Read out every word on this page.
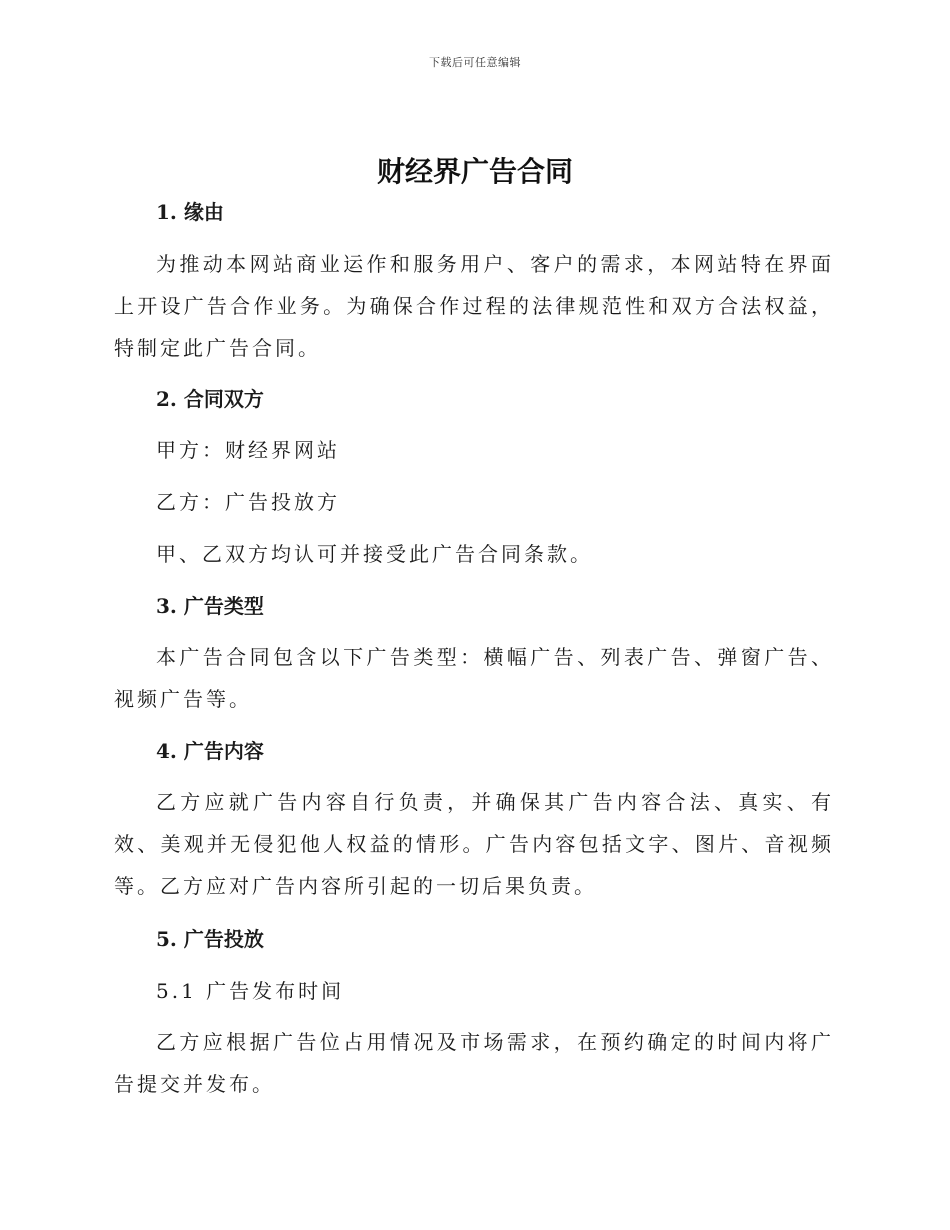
下载后可任意编辑
财经界广告合同
1. 缘由

为推动本网站商业运作和服务用户、客户的需求，本网站特在界面上开设广告合作业务。为确保合作过程的法律规范性和双方合法权益，特制定此广告合同。

2. 合同双方

甲方：财经界网站

乙方：广告投放方

甲、乙双方均认可并接受此广告合同条款。

3. 广告类型

本广告合同包含以下广告类型：横幅广告、列表广告、弹窗广告、视频广告等。

4. 广告内容

乙方应就广告内容自行负责，并确保其广告内容合法、真实、有效、美观并无侵犯他人权益的情形。广告内容包括文字、图片、音视频等。乙方应对广告内容所引起的一切后果负责。

5. 广告投放

5.1 广告发布时间

乙方应根据广告位占用情况及市场需求，在预约确定的时间内将广告提交并发布。
